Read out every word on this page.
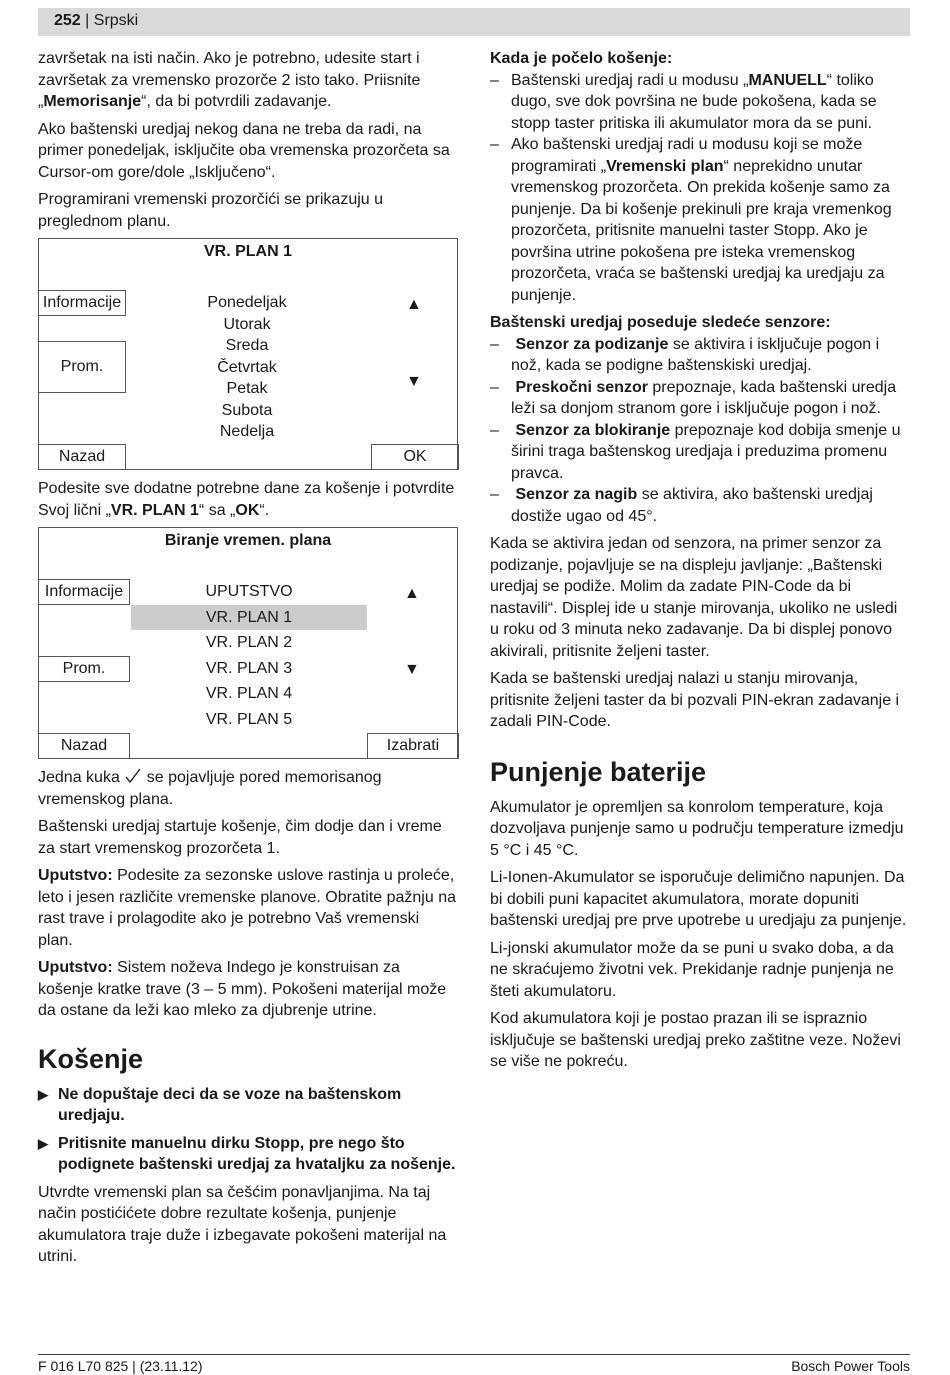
252 | Srpski

završetak na isti način. Ako je potrebno, udesite start i završetak za vremensko prozorče 2 isto tako. Priisnite „Memorisanje“, da bi potvrdili zadavanje.

Ako baštenski uredjaj nekog dana ne treba da radi, na primer ponedeljak, isključite oba vremenska prozorčeta sa Cursor-om gore/dole „Isključeno“.

Programirani vremenski prozorčići se prikazuju u preglednom planu.

VR. PLAN 1
Informacije
Prom.
Nazad	OK
Ponedeljak
Utorak
Sreda
Četvrtak
Petak
Subota
Nedelja
▲
▼

Podesite sve dodatne potrebne dane za košenje i potvrdite Svoj lični „VR. PLAN 1“ sa „OK“.

Biranje vremen. plana
Informacije
Prom.
Nazad	Izabrati
UPUTSTVO
VR. PLAN 1
VR. PLAN 2
VR. PLAN 3
VR. PLAN 4
VR. PLAN 5
▲
▼

Jedna kuka se pojavljuje pored memorisanog vremenskog plana.

Baštenski uredjaj startuje košenje, čim dodje dan i vreme za start vremenskog prozorčeta 1.

Uputstvo: Podesite za sezonske uslove rastinja u proleće, leto i jesen različite vremenske planove. Obratite pažnju na rast trave i prolagodite ako je potrebno Vaš vremenski plan.

Uputstvo: Sistem noževa Indego je konstruisan za košenje kratke trave (3 – 5 mm). Pokošeni materijal može da ostane da leži kao mleko za djubrenje utrine.

Košenje
▶ Ne dopuštaje deci da se voze na baštenskom uredjaju.
▶ Pritisnite manuelnu dirku Stopp, pre nego što podignete baštenski uredjaj za hvataljku za nošenje.

Utvrdte vremenski plan sa češćim ponavljanjima. Na taj način postićićete dobre rezultate košenja, punjenje akumulatora traje duže i izbegavate pokošeni materijal na utrini.

Kada je počelo košenje:
– Baštenski uredjaj radi u modusu „MANUELL“ toliko dugo, sve dok površina ne bude pokošena, kada se stopp taster pritiska ili akumulator mora da se puni.
– Ako baštenski uredjaj radi u modusu koji se može programirati „Vremenski plan“ neprekidno unutar vremenskog prozorčeta. On prekida košenje samo za punjenje. Da bi košenje prekinuli pre kraja vremenkog prozorčeta, pritisnite manuelni taster Stopp. Ako je površina utrine pokošena pre isteka vremenskog prozorčeta, vraća se baštenski uredjaj ka uredjaju za punjenje.
Baštenski uredjaj poseduje sledeće senzore:
– Senzor za podizanje se aktivira i isključuje pogon i nož, kada se podigne baštenskiski uredjaj.
– Preskočni senzor prepoznaje, kada baštenski uredja leži sa donjom stranom gore i isključuje pogon i nož.
– Senzor za blokiranje prepoznaje kod dobija smenje u širini traga baštenskog uredjaja i preduzima promenu pravca.
– Senzor za nagib se aktivira, ako baštenski uredjaj dostiže ugao od 45°.

Kada se aktivira jedan od senzora, na primer senzor za podizanje, pojavljuje se na displeju javljanje: „Baštenski uredjaj se podiže. Molim da zadate PIN-Code da bi nastavili“. Displej ide u stanje mirovanja, ukoliko ne usledi u roku od 3 minuta neko zadavanje. Da bi displej ponovo akivirali, pritisnite željeni taster.

Kada se baštenski uredjaj nalazi u stanju mirovanja, pritisnite željeni taster da bi pozvali PIN-ekran zadavanje i zadali PIN-Code.

Punjenje baterije

Akumulator je opremljen sa konrolom temperature, koja dozvoljava punjenje samo u području temperature izmedju 5 °C i 45 °C.

Li-Ionen-Akumulator se isporučuje delimično napunjen. Da bi dobili puni kapacitet akumulatora, morate dopuniti baštenski uredjaj pre prve upotrebe u uredjaju za punjenje.

Li-jonski akumulator može da se puni u svako doba, a da ne skraćujemo životni vek. Prekidanje radnje punjenja ne šteti akumulatoru.

Kod akumulatora koji je postao prazan ili se ispraznio isključuje se baštenski uredjaj preko zaštitne veze. Noževi se više ne pokreću.

F 016 L70 825 | (23.11.12)	Bosch Power Tools
